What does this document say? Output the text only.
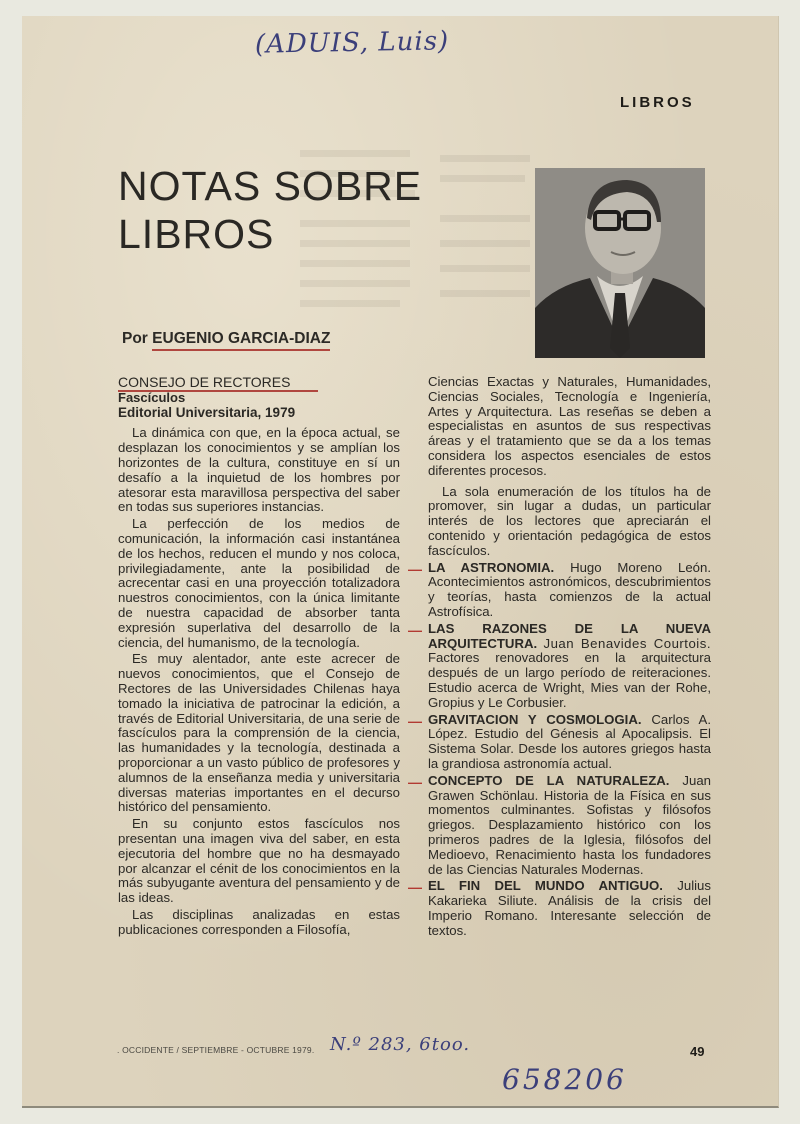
(ADUIS, Luis)
LIBROS
NOTAS SOBRE
LIBROS
Por EUGENIO GARCIA-DIAZ
CONSEJO DE RECTORES
Fascículos
Editorial Universitaria, 1979

La dinámica con que, en la época actual, se desplazan los conocimientos y se amplían los horizontes de la cultura, constituye en sí un desafío a la inquietud de los hombres por atesorar esta maravillosa perspectiva del saber en todas sus superiores instancias.

La perfección de los medios de comunicación, la información casi instantánea de los hechos, reducen el mundo y nos coloca, privilegiadamente, ante la posibilidad de acrecentar casi en una proyección totalizadora nuestros conocimientos, con la única limitante de nuestra capacidad de absorber tanta expresión superlativa del desarrollo de la ciencia, del humanismo, de la tecnología.

Es muy alentador, ante este acrecer de nuevos conocimientos, que el Consejo de Rectores de las Universidades Chilenas haya tomado la iniciativa de patrocinar la edición, a través de Editorial Universitaria, de una serie de fascículos para la comprensión de la ciencia, las humanidades y la tecnología, destinada a proporcionar a un vasto público de profesores y alumnos de la enseñanza media y universitaria diversas materias importantes en el decurso histórico del pensamiento.

En su conjunto estos fascículos nos presentan una imagen viva del saber, en esta ejecutoria del hombre que no ha desmayado por alcanzar el cénit de los conocimientos en la más subyugante aventura del pensamiento y de las ideas.

Las disciplinas analizadas en estas publicaciones corresponden a Filosofía,

Ciencias Exactas y Naturales, Humanidades, Ciencias Sociales, Tecnología e Ingeniería, Artes y Arquitectura. Las reseñas se deben a especialistas en asuntos de sus respectivas áreas y el tratamiento que se da a los temas considera los aspectos esenciales de estos diferentes procesos.

La sola enumeración de los títulos ha de promover, sin lugar a dudas, un particular interés de los lectores que apreciarán el contenido y orientación pedagógica de estos fascículos.

— LA ASTRONOMIA. Hugo Moreno León. Acontecimientos astronómicos, descubrimientos y teorías, hasta comienzos de la actual Astrofísica.

— LAS RAZONES DE LA NUEVA ARQUITECTURA. Juan Benavides Courtois. Factores renovadores en la arquitectura después de un largo período de reiteraciones. Estudio acerca de Wright, Mies van der Rohe, Gropius y Le Corbusier.

— GRAVITACION Y COSMOLOGIA. Carlos A. López. Estudio del Génesis al Apocalipsis. El Sistema Solar. Desde los autores griegos hasta la grandiosa astronomía actual.

— CONCEPTO DE LA NATURALEZA. Juan Grawen Schönlau. Historia de la Física en sus momentos culminantes. Sofistas y filósofos griegos. Desplazamiento histórico con los primeros padres de la Iglesia, filósofos del Medioevo, Renacimiento hasta los fundadores de las Ciencias Naturales Modernas.

— EL FIN DEL MUNDO ANTIGUO. Julius Kakarieka Siliute. Análisis de la crisis del Imperio Romano. Interesante selección de textos.

. OCCIDENTE / SEPTIEMBRE - OCTUBRE 1979. N.º 283, 6too.	49
658206
